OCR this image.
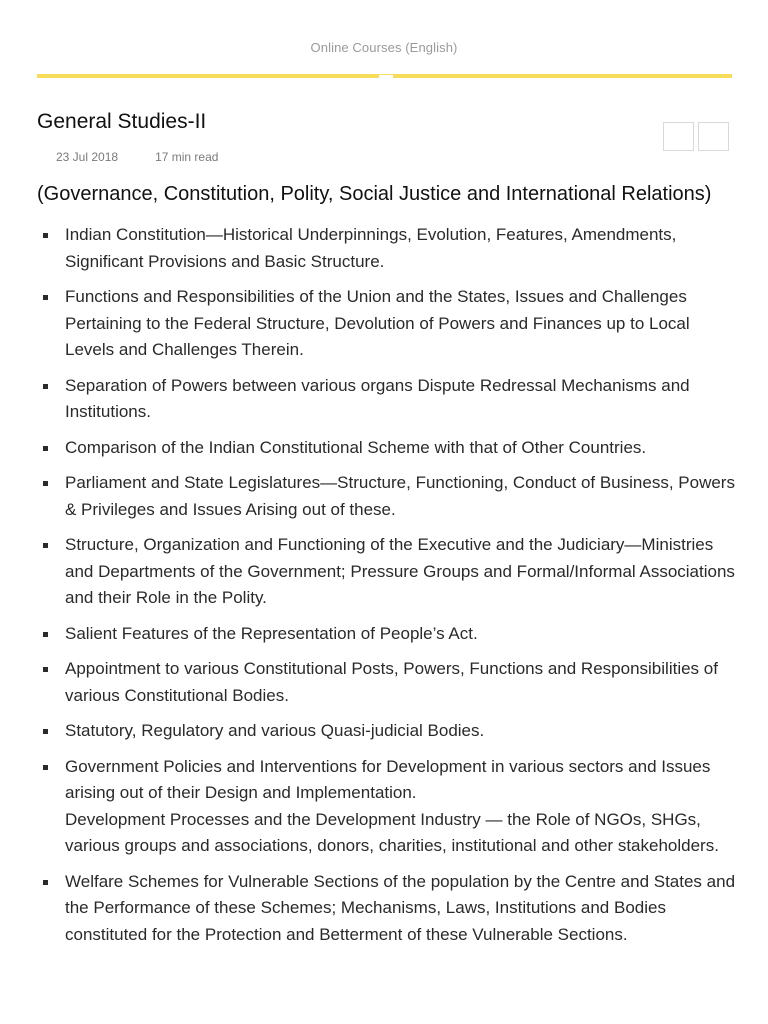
Online Courses (English)
General Studies-II
23 Jul 2018	17 min read
(Governance, Constitution, Polity, Social Justice and International Relations)
Indian Constitution—Historical Underpinnings, Evolution, Features, Amendments, Significant Provisions and Basic Structure.
Functions and Responsibilities of the Union and the States, Issues and Challenges Pertaining to the Federal Structure, Devolution of Powers and Finances up to Local Levels and Challenges Therein.
Separation of Powers between various organs Dispute Redressal Mechanisms and Institutions.
Comparison of the Indian Constitutional Scheme with that of Other Countries.
Parliament and State Legislatures—Structure, Functioning, Conduct of Business, Powers & Privileges and Issues Arising out of these.
Structure, Organization and Functioning of the Executive and the Judiciary—Ministries and Departments of the Government; Pressure Groups and Formal/Informal Associations and their Role in the Polity.
Salient Features of the Representation of People’s Act.
Appointment to various Constitutional Posts, Powers, Functions and Responsibilities of various Constitutional Bodies.
Statutory, Regulatory and various Quasi-judicial Bodies.
Government Policies and Interventions for Development in various sectors and Issues arising out of their Design and Implementation.
Development Processes and the Development Industry — the Role of NGOs, SHGs, various groups and associations, donors, charities, institutional and other stakeholders.
Welfare Schemes for Vulnerable Sections of the population by the Centre and States and the Performance of these Schemes; Mechanisms, Laws, Institutions and Bodies constituted for the Protection and Betterment of these Vulnerable Sections.
